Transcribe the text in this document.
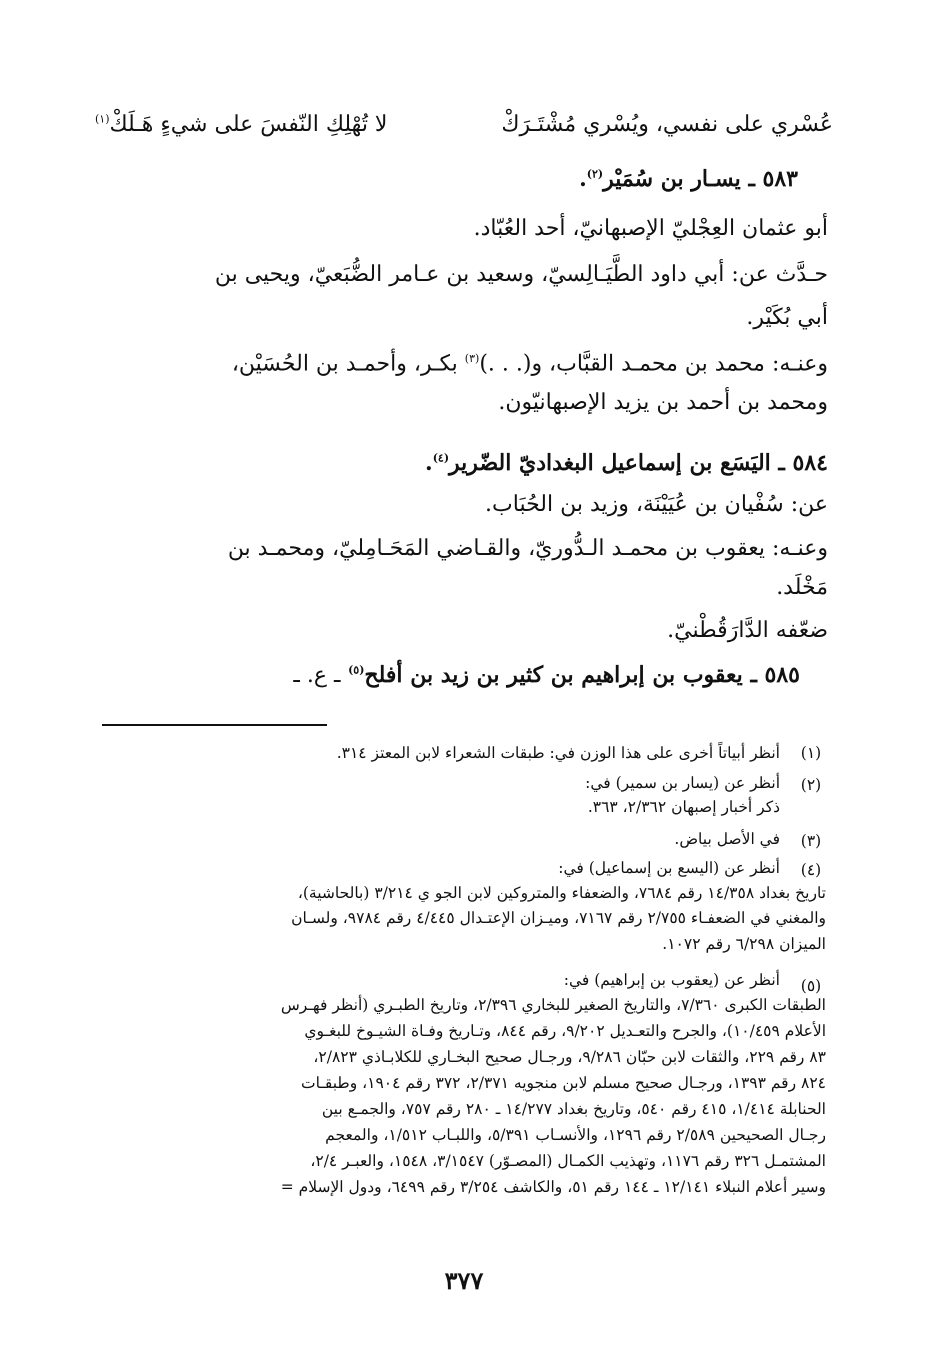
عُسْري على نفسي، ويُسْري مُشْتَـرَكْ
لا تُهْلِكِ النّفسَ على شيءٍ هَـلَكْ$^{(١)}$
٥٨٣ ـ يسـار بن سُمَيْر$^{(٢)}$.
أبو عثمان العِجْليّ الإصبهانيّ، أحد العُبّاد.
حـدَّث عن: أبي داود الطَّيَـالِسيّ، وسعيد بن عـامر الضُّبَعيّ، ويحيى بن
أبي بُكَيْر.
وعنـه: محمد بن محمـد القبَّاب، و(. . .)$^{(٣)}$ بكـر، وأحمـد بن الحُسَيْن،
ومحمد بن أحمد بن يزيد الإصبهانيّون.
٥٨٤ ـ اليَسَع بن إسماعيل البغداديّ الضّرير$^{(٤)}$.
عن: سُفْيان بن عُيَيْنَة، وزيد بن الحُبَاب.
وعنـه: يعقوب بن محمـد الـدُّوريّ، والقـاضي المَحَـامِليّ، ومحمـد بن
مَخْلَد.
ضعّفه الدَّارَقُطْنيّ.
٥٨٥ ـ يعقوب بن إبراهيم بن كثير بن زيد بن أفلح$^{(٥)}$ ـ ع. ـ
(١)
أنظر أبياتاً أخرى على هذا الوزن في: طبقات الشعراء لابن المعتز ٣١٤.
(٢)
أنظر عن (يسار بن سمير) في:
ذكر أخبار إصبهان ٢/٣٦٢، ٣٦٣.
(٣)
في الأصل بياض.
(٤)
أنظر عن (اليسع بن إسماعيل) في:
تاريخ بغداد ١٤/٣٥٨ رقم ٧٦٨٤، والضعفاء والمتروكين لابن الجو ي ٣/٢١٤ (بالحاشية)،
والمغني في الضعفـاء ٢/٧٥٥ رقم ٧١٦٧، وميـزان الإعتـدال ٤/٤٤٥ رقم ٩٧٨٤، ولسـان
الميزان ٦/٢٩٨ رقم ١٠٧٢.
(٥)
أنظر عن (يعقوب بن إبراهيم) في:
الطبقات الكبرى ٧/٣٦٠، والتاريخ الصغير للبخاري ٢/٣٩٦، وتاريخ الطبـري (أنظر فهـرس
الأعلام ١٠/٤٥٩)، والجرح والتعـديل ٩/٢٠٢، رقم ٨٤٤، وتـاريخ وفـاة الشيـوخ للبغـوي
٨٣ رقم ٢٢٩، والثقات لابن حبّان ٩/٢٨٦، ورجـال صحيح البخـاري للكلابـاذي ٢/٨٢٣،
٨٢٤ رقم ١٣٩٣، ورجـال صحيح مسلم لابن منجويه ٢/٣٧١، ٣٧٢ رقم ١٩٠٤، وطبقـات
الحنابلة ١/٤١٤، ٤١٥ رقم ٥٤٠، وتاريخ بغداد ١٤/٢٧٧ ـ ٢٨٠ رقم ٧٥٧، والجمـع بين
رجـال الصحيحين ٢/٥٨٩ رقم ١٢٩٦، والأنسـاب ٥/٣٩١، واللبـاب ١/٥١٢، والمعجم
المشتمـل ٣٢٦ رقم ١١٧٦، وتهذيب الكمـال (المصـوّر) ٣/١٥٤٧، ١٥٤٨، والعبـر ٢/٤،
وسير أعلام النبلاء ١٢/١٤١ ـ ١٤٤ رقم ٥١، والكاشف ٣/٢٥٤ رقم ٦٤٩٩، ودول الإسلام =
٣٧٧
